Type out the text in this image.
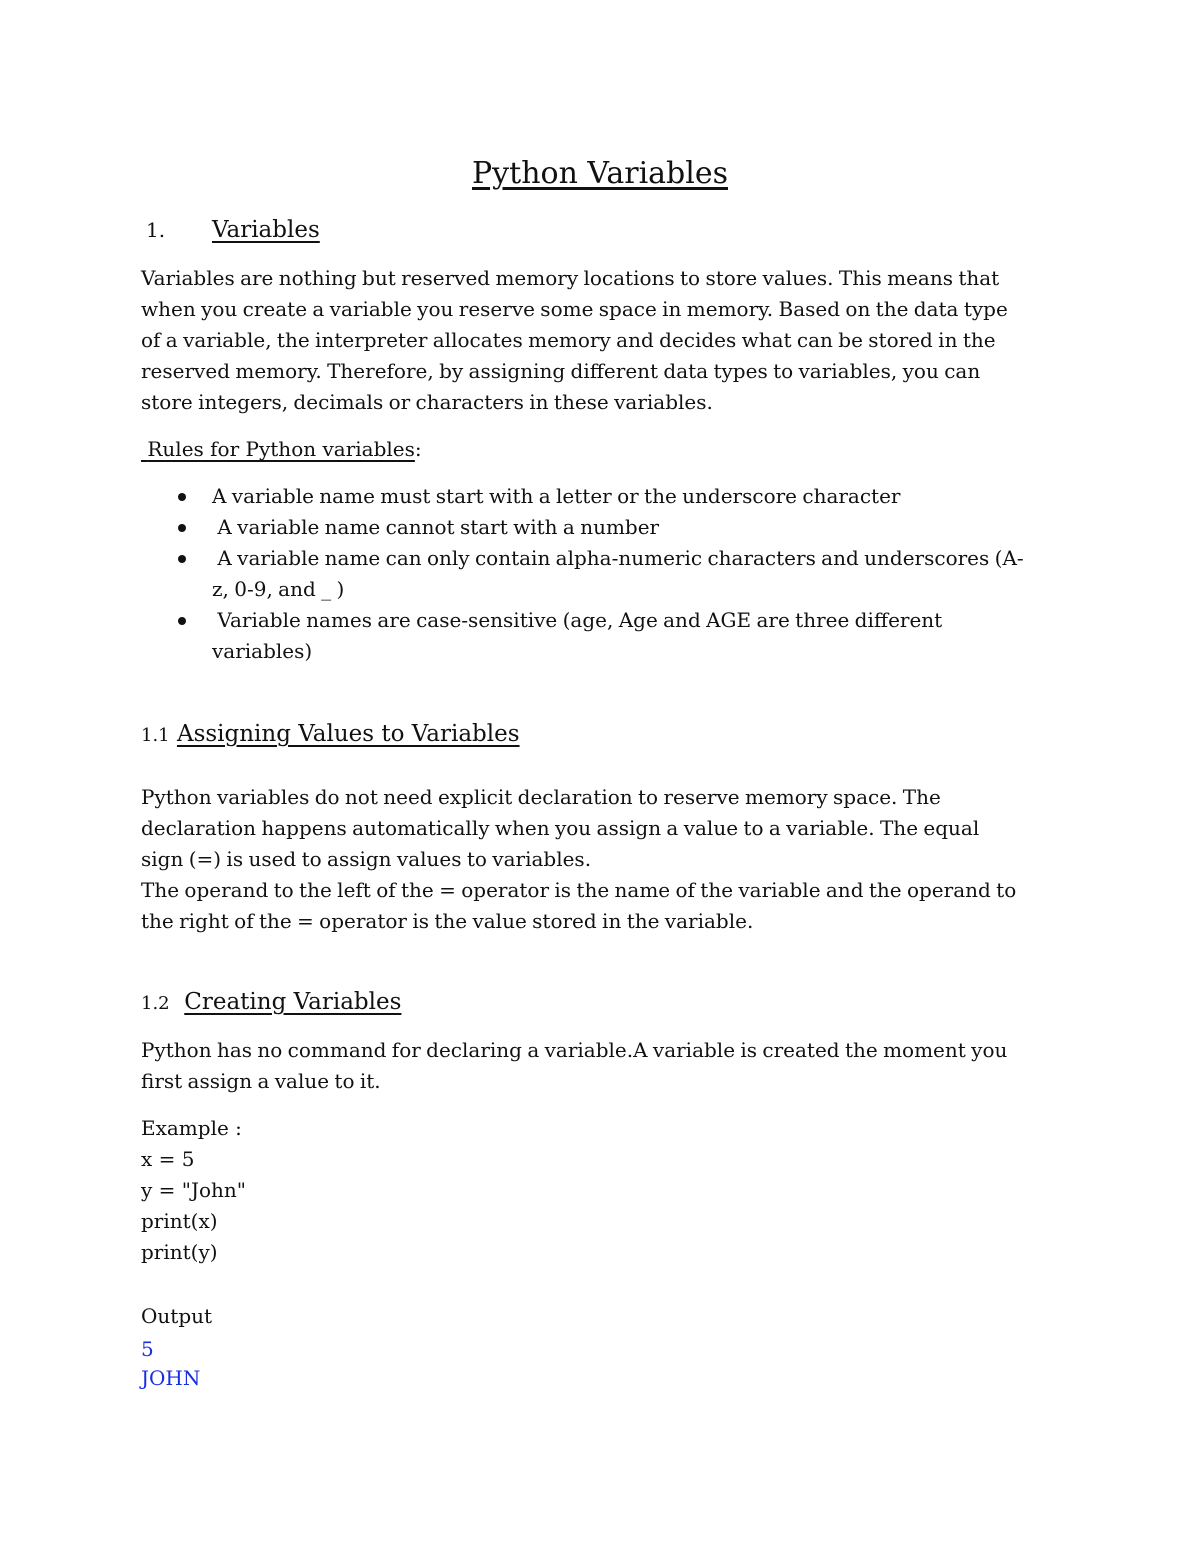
Python Variables
1. Variables

Variables are nothing but reserved memory locations to store values. This means that

when you create a variable you reserve some space in memory. Based on the data type

of a variable, the interpreter allocates memory and decides what can be stored in the

reserved memory. Therefore, by assigning different data types to variables, you can

store integers, decimals or characters in these variables.

Rules for Python variables:
A variable name must start with a letter or the underscore character
A variable name cannot start with a number
A variable name can only contain alpha-numeric characters and underscores (A-z, 0-9, and _ )
Variable names are case-sensitive (age, Age and AGE are three different variables)
1.1 Assigning Values to Variables

Python variables do not need explicit declaration to reserve memory space. The

declaration happens automatically when you assign a value to a variable. The equal

sign (=) is used to assign values to variables.

The operand to the left of the = operator is the name of the variable and the operand to

the right of the = operator is the value stored in the variable.

1.2 Creating Variables

Python has no command for declaring a variable.A variable is created the moment you

first assign a value to it.

Example :
x = 5
y = "John"
print(x)
print(y)
Output
5
JOHN
